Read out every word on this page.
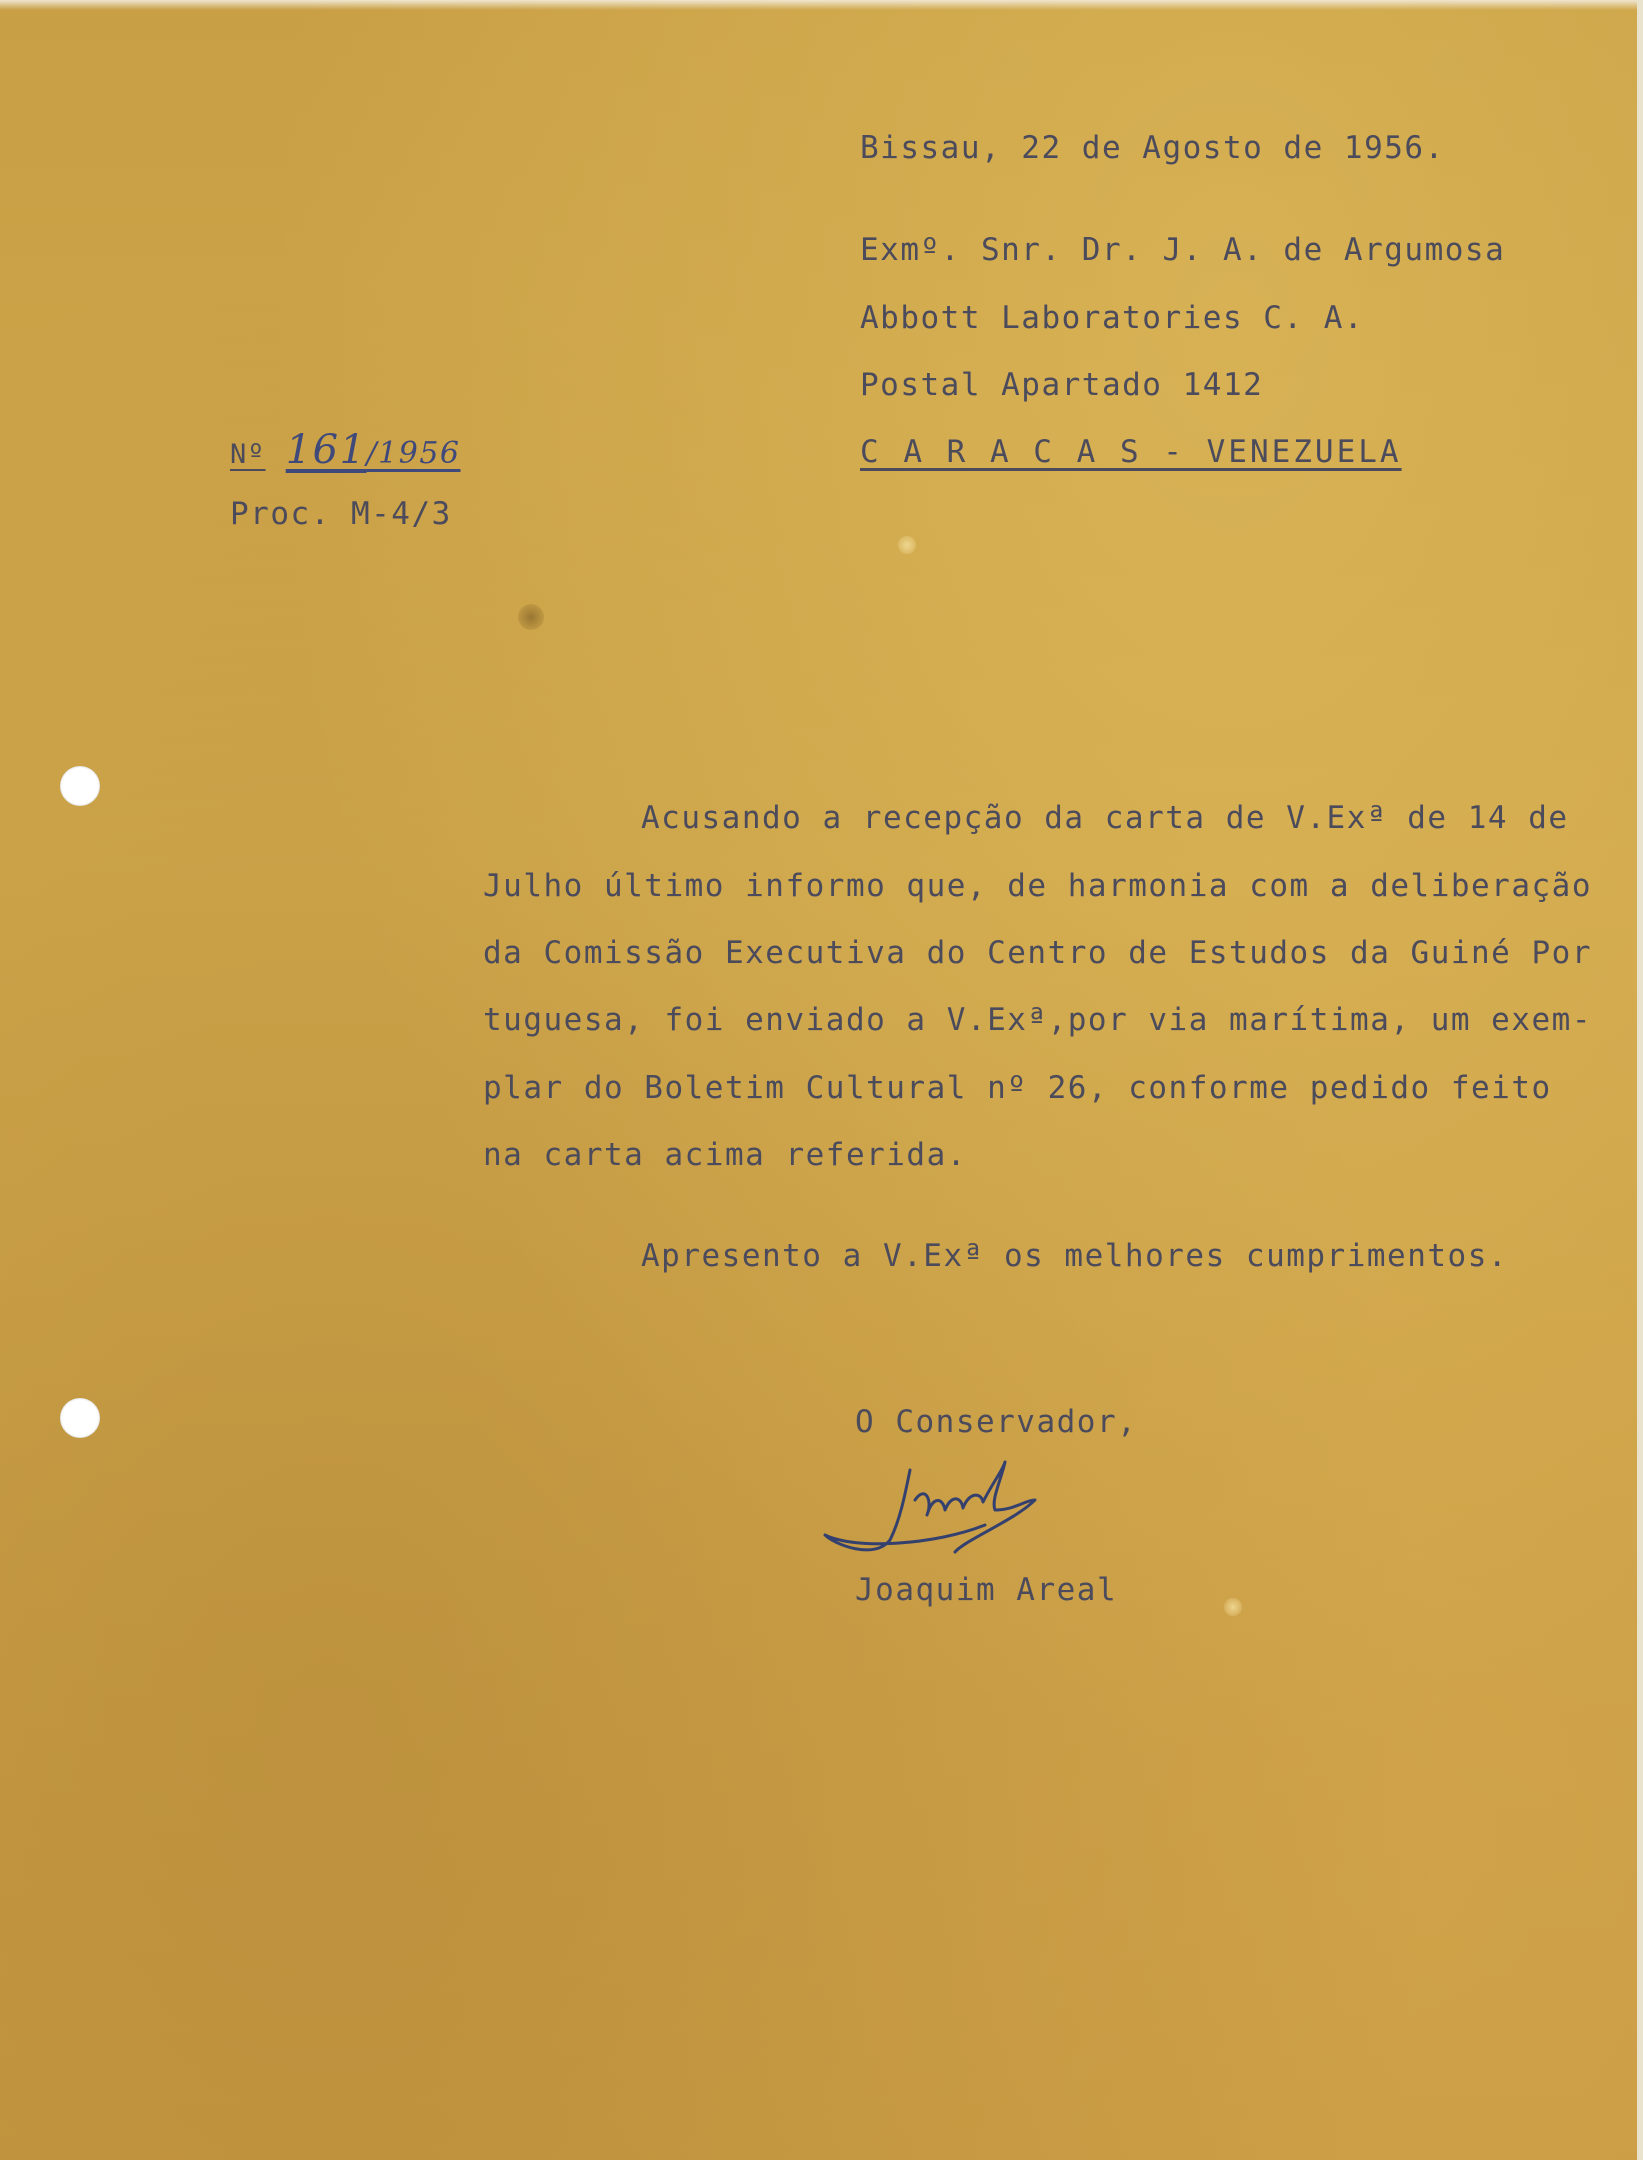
Bissau, 22 de Agosto de 1956.
Exmº. Snr. Dr. J. A. de Argumosa
Abbott Laboratories C. A.
Postal Apartado 1412
C A R A C A S - VENEZUELA
Nº 161/1956
Proc. M-4/3
Acusando a recepção da carta de V.Exª de 14 de
Julho último informo que, de harmonia com a deliberação
da Comissão Executiva do Centro de Estudos da Guiné Por
tuguesa, foi enviado a V.Exª,por via marítima, um exem-
plar do Boletim Cultural nº 26, conforme pedido feito
na carta acima referida.
Apresento a V.Exª os melhores cumprimentos.
O Conservador,
Joaquim Areal
